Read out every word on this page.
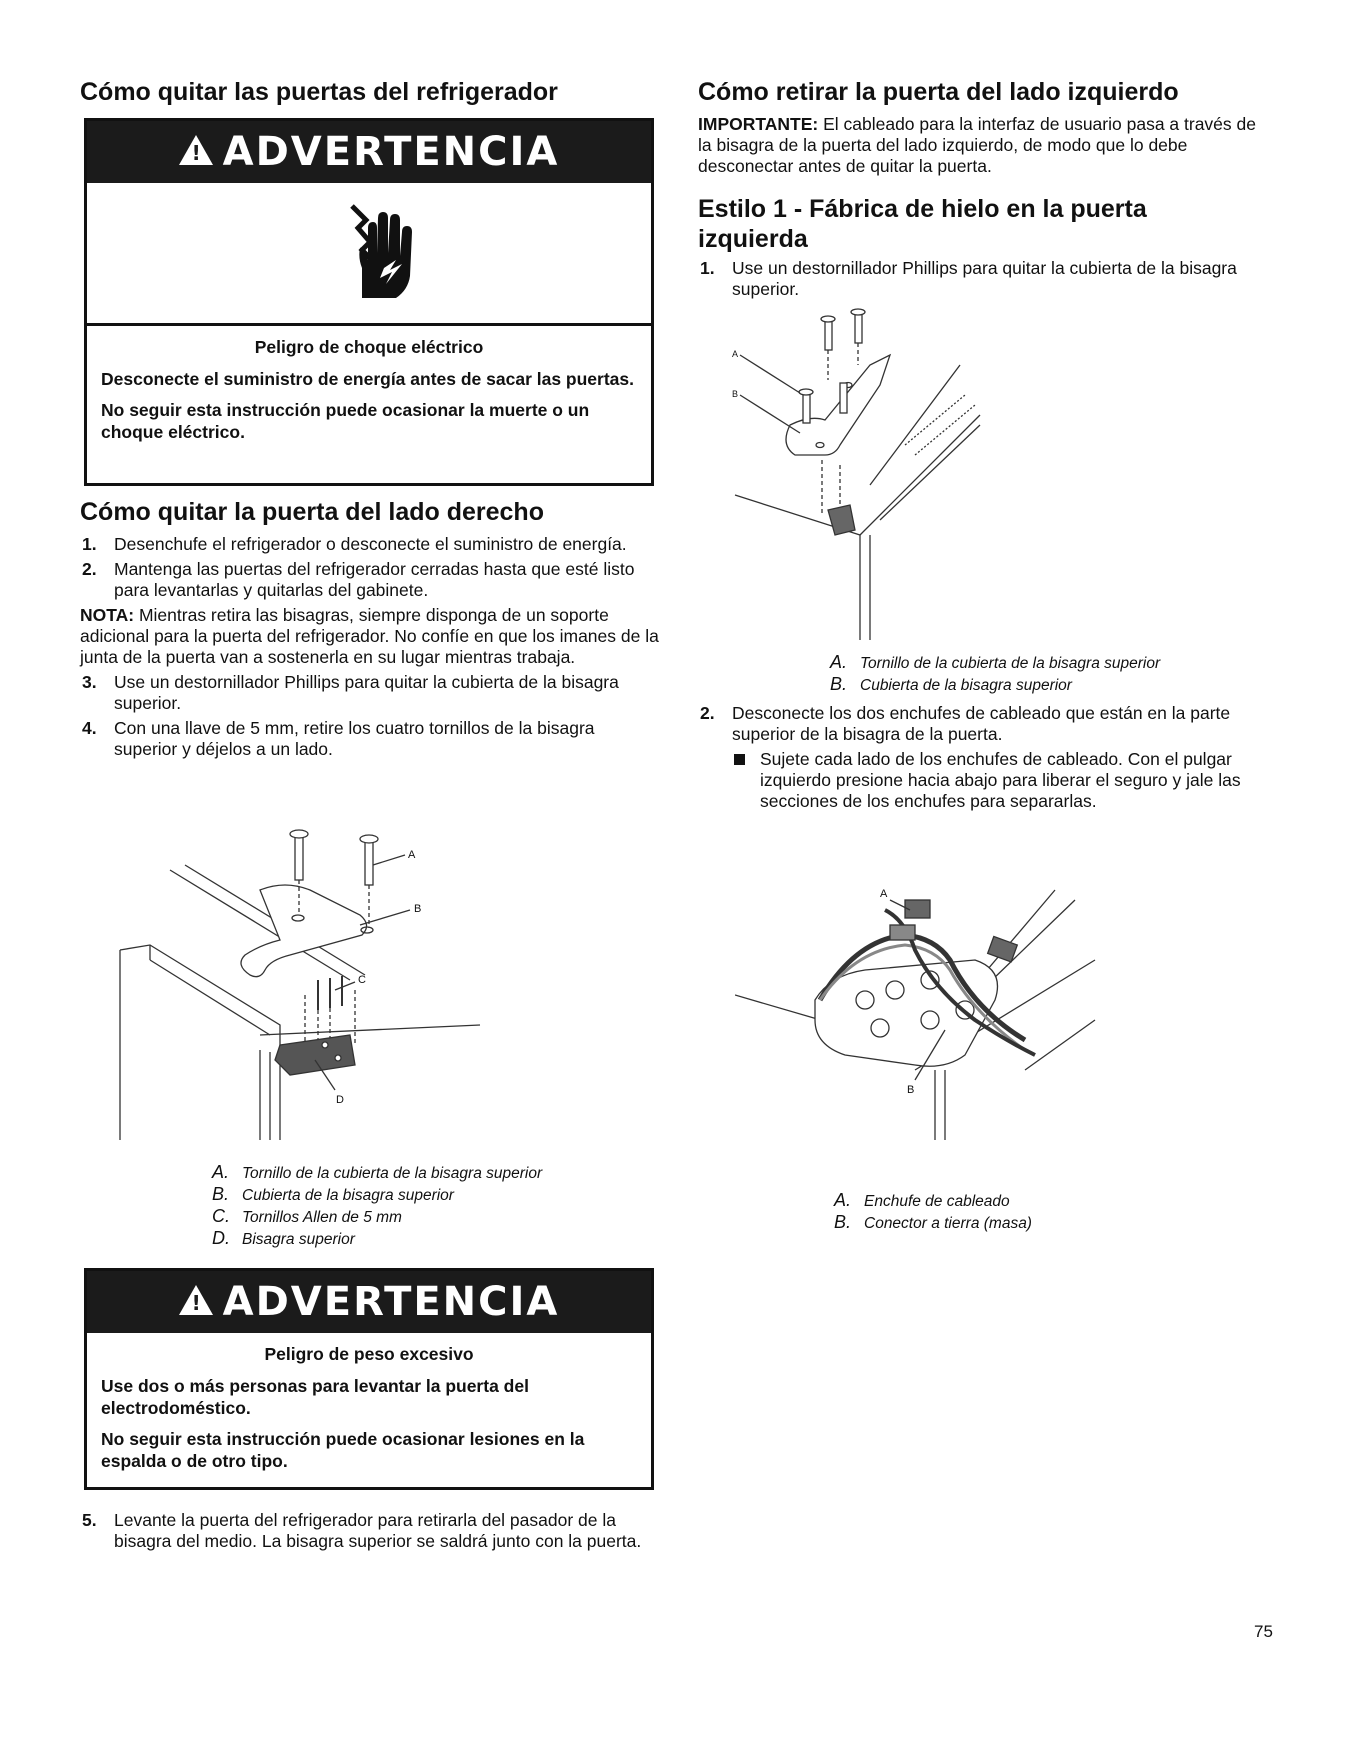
Cómo quitar las puertas del refrigerador
! ADVERTENCIA
Peligro de choque eléctrico

Desconecte el suministro de energía antes de sacar las puertas.

No seguir esta instrucción puede ocasionar la muerte o un choque eléctrico.

Cómo quitar la puerta del lado derecho
1. Desenchufe el refrigerador o desconecte el suministro de energía.
2. Mantenga las puertas del refrigerador cerradas hasta que esté listo para levantarlas y quitarlas del gabinete.
NOTA: Mientras retira las bisagras, siempre disponga de un soporte adicional para la puerta del refrigerador. No confíe en que los imanes de la junta de la puerta van a sostenerla en su lugar mientras trabaja.
3. Use un destornillador Phillips para quitar la cubierta de la bisagra superior.
4. Con una llave de 5 mm, retire los cuatro tornillos de la bisagra superior y déjelos a un lado.
A
B
C
D
A. Tornillo de la cubierta de la bisagra superior
B. Cubierta de la bisagra superior
C. Tornillos Allen de 5 mm
D. Bisagra superior
! ADVERTENCIA
Peligro de peso excesivo

Use dos o más personas para levantar la puerta del electrodoméstico.

No seguir esta instrucción puede ocasionar lesiones en la espalda o de otro tipo.

5. Levante la puerta del refrigerador para retirarla del pasador de la bisagra del medio. La bisagra superior se saldrá junto con la puerta.
Cómo retirar la puerta del lado izquierdo
IMPORTANTE: El cableado para la interfaz de usuario pasa a través de la bisagra de la puerta del lado izquierdo, de modo que lo debe desconectar antes de quitar la puerta.
Estilo 1 - Fábrica de hielo en la puerta izquierda
1. Use un destornillador Phillips para quitar la cubierta de la bisagra superior.
A
B
A. Tornillo de la cubierta de la bisagra superior
B. Cubierta de la bisagra superior
2. Desconecte los dos enchufes de cableado que están en la parte superior de la bisagra de la puerta.
Sujete cada lado de los enchufes de cableado. Con el pulgar izquierdo presione hacia abajo para liberar el seguro y jale las secciones de los enchufes para separarlas.
A
B
A. Enchufe de cableado
B. Conector a tierra (masa)
75
